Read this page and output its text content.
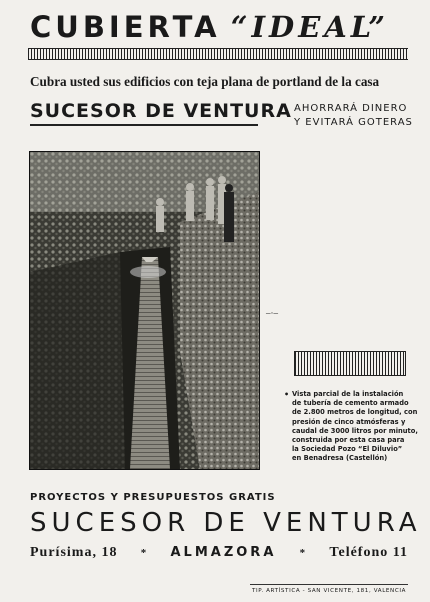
CUBIERTA “IDEAL”
Cubra usted sus edificios con teja plana de portland de la casa
SUCESOR DE VENTURA AHORRARÁ DINERO
Y EVITARÁ GOTERAS
–·–
• Vista parcial de la instalación
de tubería de cemento armado
de 2.800 metros de longitud, con
presión de cinco atmósferas y
caudal de 3000 litros por minuto,
construida por esta casa para
la Sociedad Pozo “El Diluvio”
en Benadresa (Castellón)
PROYECTOS Y PRESUPUESTOS GRATIS
SUCESOR DE VENTURA
Purísima, 18 * ALMAZORA * Teléfono 11
TIP. ARTÍSTICA - SAN VICENTE, 181, VALENCIA
